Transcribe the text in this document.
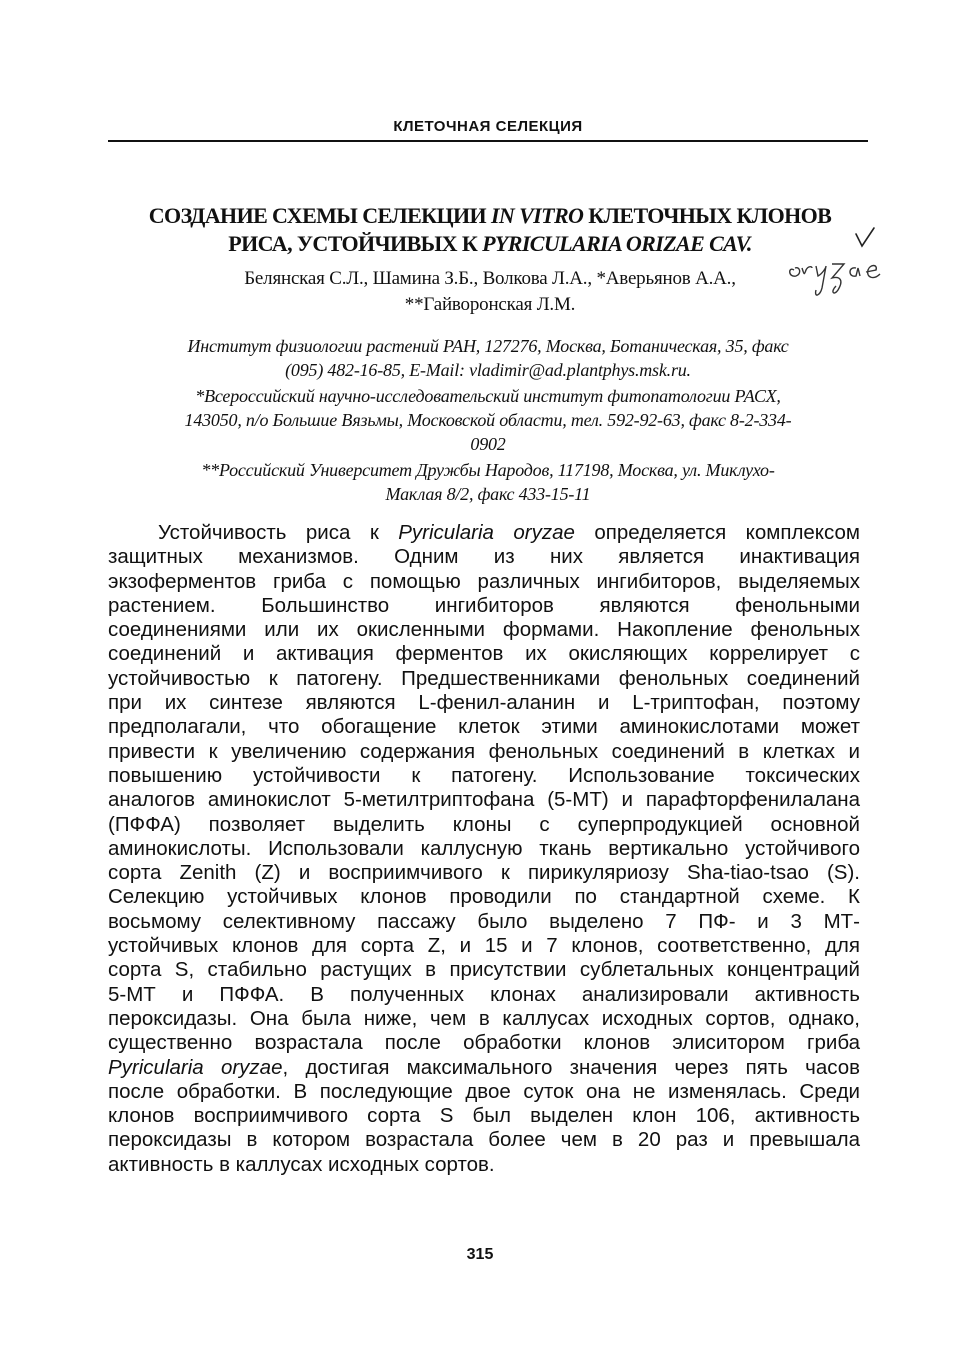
КЛЕТОЧНАЯ СЕЛЕКЦИЯ
СОЗДАНИЕ СХЕМЫ СЕЛЕКЦИИ IN VITRO КЛЕТОЧНЫХ КЛОНОВ
РИСА, УСТОЙЧИВЫХ К PYRICULARIA ORIZAE CAV.
Белянская С.Л., Шамина З.Б., Волкова Л.А., *Аверьянов А.А.,
**Гайворонская Л.М.
Институт физиологии растений РАН, 127276, Москва, Ботаническая, 35, факс
(095) 482-16-85, E-Mail: vladimir@ad.plantphys.msk.ru.
*Всероссийский научно-исследовательский институт фитопатологии РАСХ,
143050, п/о Большие Вязьмы, Московской области, тел. 592-92-63, факс 8-2-334-
0902
**Российский Университет Дружбы Народов, 117198, Москва, ул. Миклухо-
Маклая 8/2, факс 433-15-11
Устойчивость риса к Pyricularia oryzae определяется комплексом
защитных механизмов. Одним из них является инактивация
экзоферментов гриба с помощью различных ингибиторов, выделяемых
растением. Большинство ингибиторов являются фенольными
соединениями или их окисленными формами. Накопление фенольных
соединений и активация ферментов их окисляющих коррелирует с
устойчивостью к патогену. Предшественниками фенольных соединений
при их синтезе являются L-фенил-аланин и L-триптофан, поэтому
предполагали, что обогащение клеток этими аминокислотами может
привести к увеличению содержания фенольных соединений в клетках и
повышению устойчивости к патогену. Использование токсических
аналогов аминокислот 5-метилтриптофана (5-МТ) и парафторфенилалана
(ПФФА) позволяет выделить клоны с суперпродукцией основной
аминокислоты. Использовали каллусную ткань вертикально устойчивого
сорта Zenith (Z) и восприимчивого к пирикуляриозу Sha-tiao-tsao (S).
Селекцию устойчивых клонов проводили по стандартной схеме. К
восьмому селективному пассажу было выделено 7 ПФ- и 3 МТ-
устойчивых клонов для сорта Z, и 15 и 7 клонов, соответственно, для
сорта S, стабильно растущих в присутствии сублетальных концентраций
5-МТ и ПФФА. В полученных клонах анализировали активность
пероксидазы. Она была ниже, чем в каллусах исходных сортов, однако,
существенно возрастала после обработки клонов элиситором гриба
Pyricularia oryzae, достигая максимального значения через пять часов
после обработки. В последующие двое суток она не изменялась. Среди
клонов восприимчивого сорта S был выделен клон 106, активность
пероксидазы в котором возрастала более чем в 20 раз и превышала
активность в каллусах исходных сортов.
315
